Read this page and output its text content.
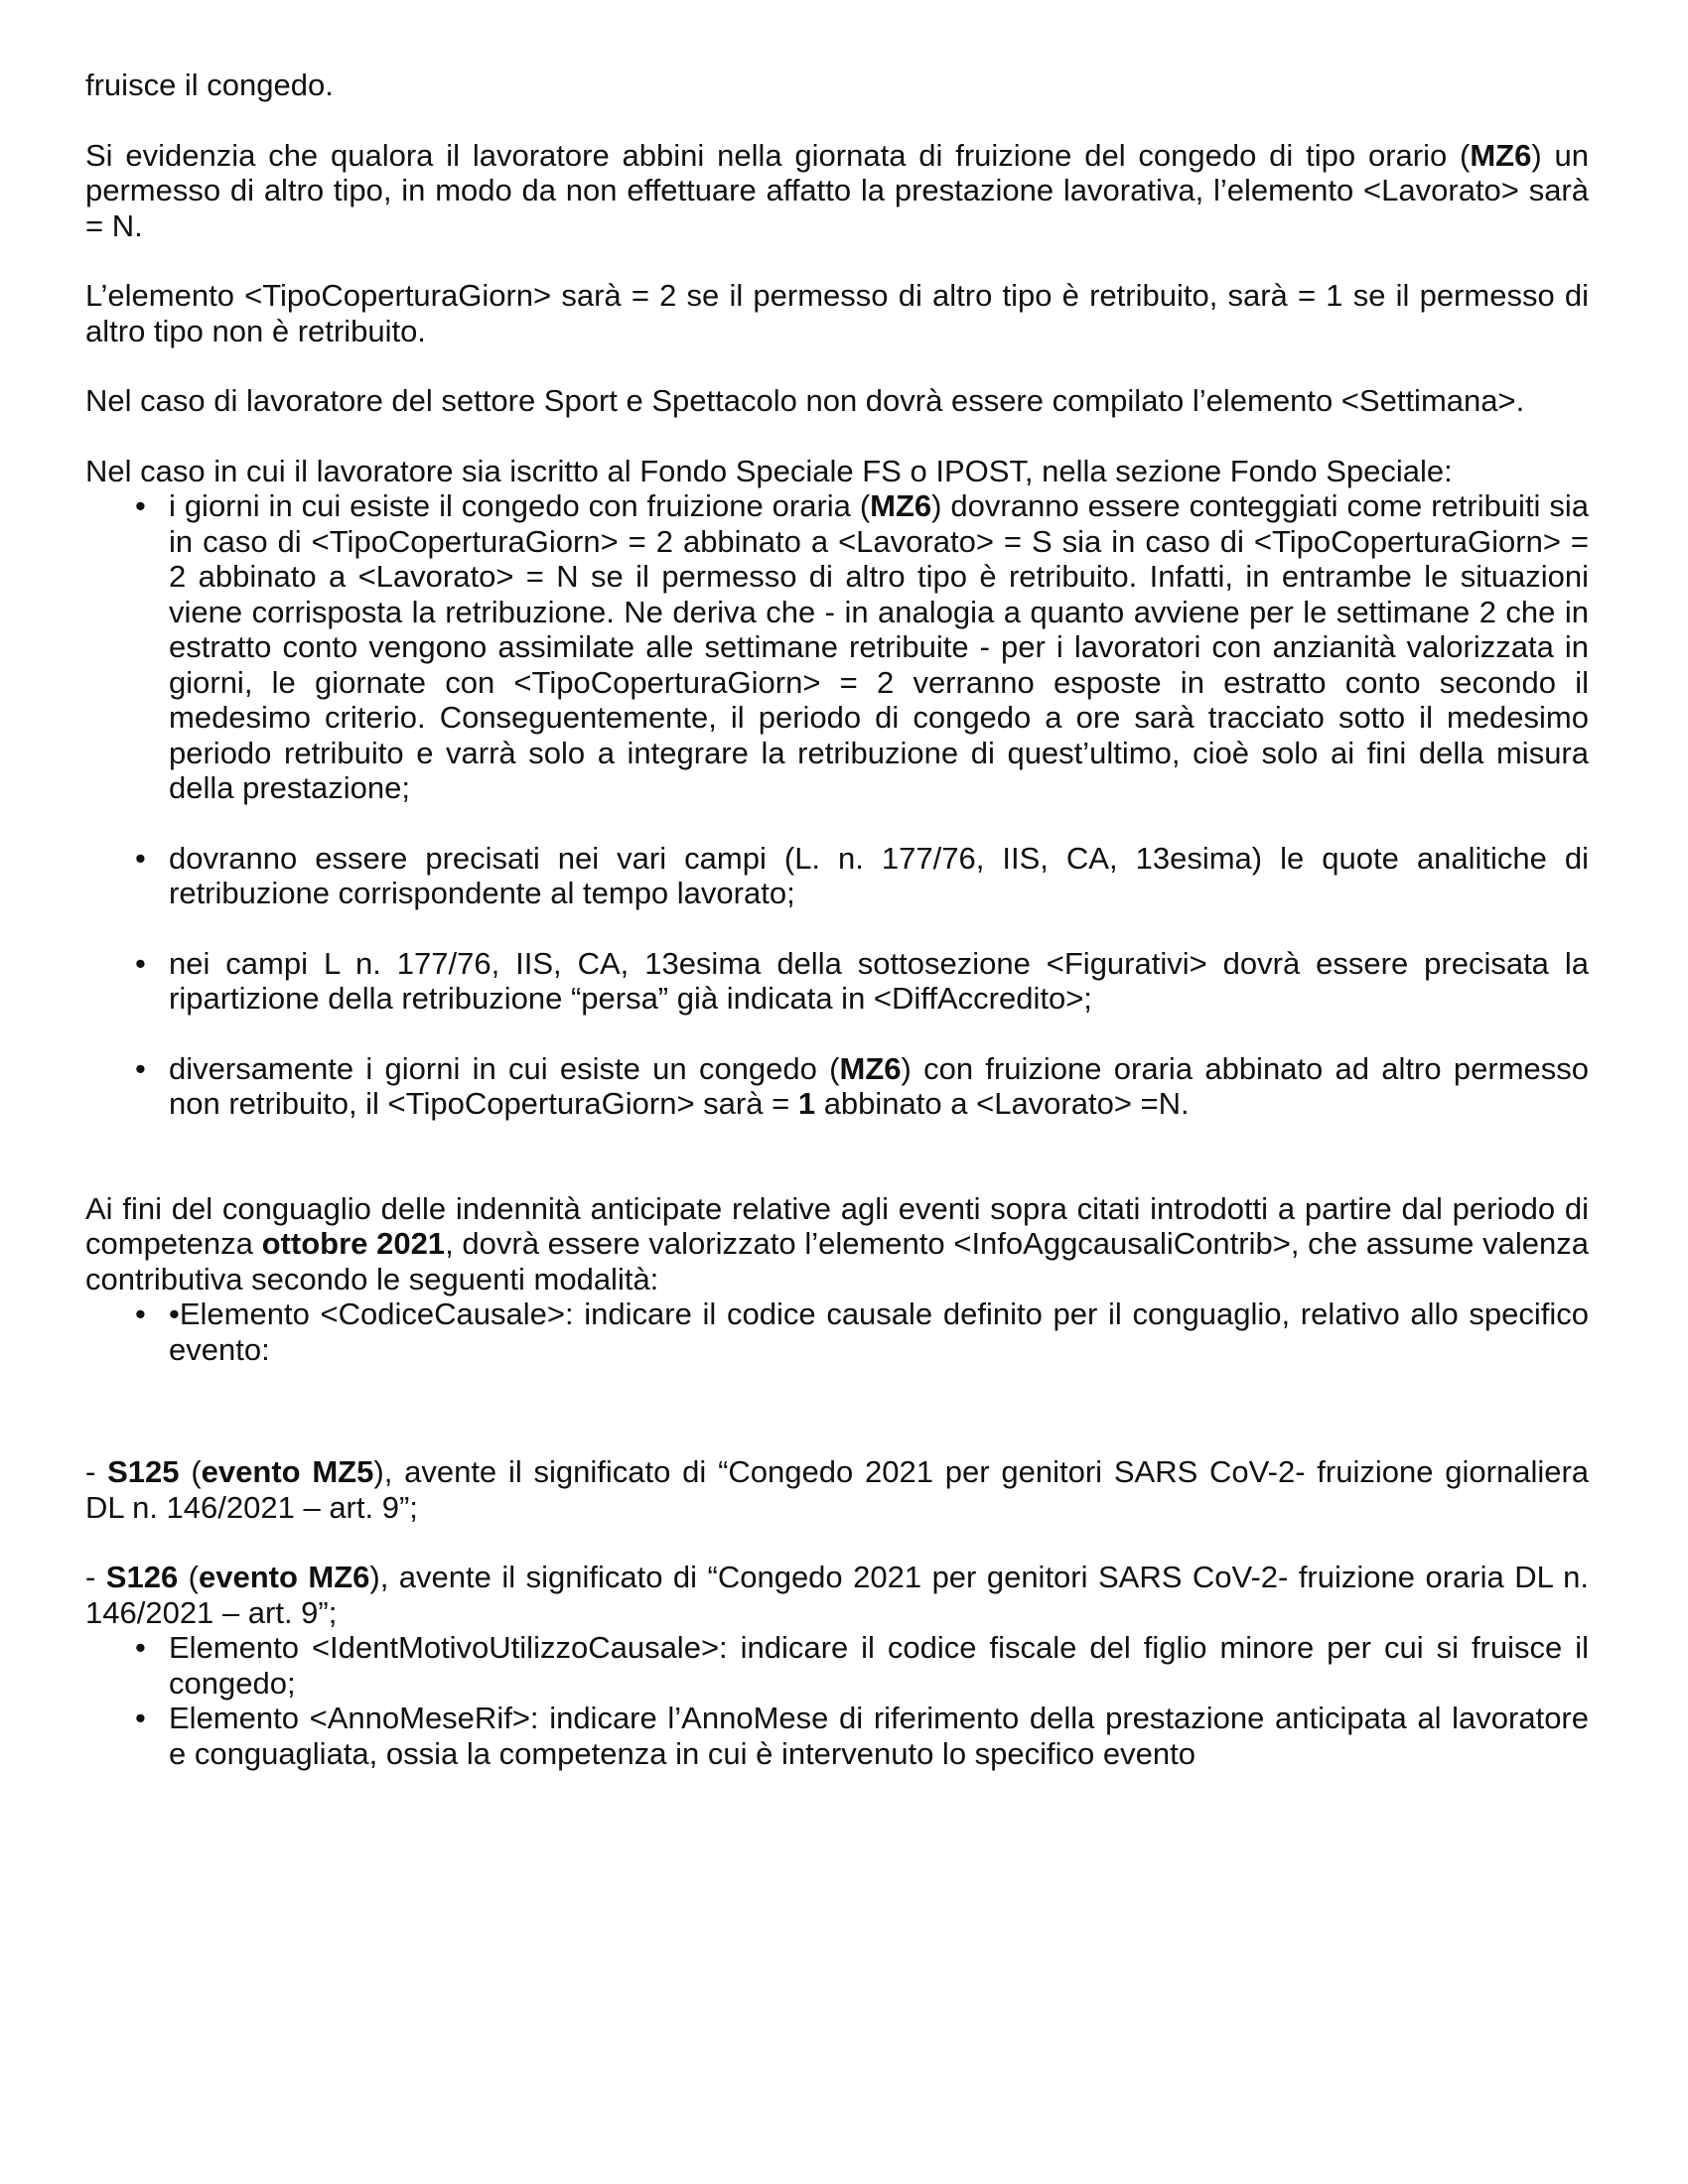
fruisce il congedo.

Si evidenzia che qualora il lavoratore abbini nella giornata di fruizione del congedo di tipo orario (MZ6) un permesso di altro tipo, in modo da non effettuare affatto la prestazione lavorativa, l’elemento <Lavorato> sarà = N.

L’elemento <TipoCoperturaGiorn> sarà = 2 se il permesso di altro tipo è retribuito, sarà = 1 se il permesso di altro tipo non è retribuito.

Nel caso di lavoratore del settore Sport e Spettacolo non dovrà essere compilato l’elemento <Settimana>.

Nel caso in cui il lavoratore sia iscritto al Fondo Speciale FS o IPOST, nella sezione Fondo Speciale:

• i giorni in cui esiste il congedo con fruizione oraria (MZ6) dovranno essere conteggiati come retribuiti sia in caso di <TipoCoperturaGiorn> = 2 abbinato a <Lavorato> = S sia in caso di <TipoCoperturaGiorn> = 2 abbinato a <Lavorato> = N se il permesso di altro tipo è retribuito. Infatti, in entrambe le situazioni viene corrisposta la retribuzione. Ne deriva che - in analogia a quanto avviene per le settimane 2 che in estratto conto vengono assimilate alle settimane retribuite - per i lavoratori con anzianità valorizzata in giorni, le giornate con <TipoCoperturaGiorn> = 2 verranno esposte in estratto conto secondo il medesimo criterio. Conseguentemente, il periodo di congedo a ore sarà tracciato sotto il medesimo periodo retribuito e varrà solo a integrare la retribuzione di quest’ultimo, cioè solo ai fini della misura della prestazione;
• dovranno essere precisati nei vari campi (L. n. 177/76, IIS, CA, 13esima) le quote analitiche di retribuzione corrispondente al tempo lavorato;
• nei campi L n. 177/76, IIS, CA, 13esima della sottosezione <Figurativi> dovrà essere precisata la ripartizione della retribuzione “persa” già indicata in <DiffAccredito>;
• diversamente i giorni in cui esiste un congedo (MZ6) con fruizione oraria abbinato ad altro permesso non retribuito, il <TipoCoperturaGiorn> sarà = 1 abbinato a <Lavorato> =N.

Ai fini del conguaglio delle indennità anticipate relative agli eventi sopra citati introdotti a partire dal periodo di competenza ottobre 2021, dovrà essere valorizzato l’elemento <InfoAggcausaliContrib>, che assume valenza contributiva secondo le seguenti modalità:

• •Elemento <CodiceCausale>: indicare il codice causale definito per il conguaglio, relativo allo specifico evento:

- S125 (evento MZ5), avente il significato di “Congedo 2021 per genitori SARS CoV-2- fruizione giornaliera DL n. 146/2021 – art. 9”;

- S126 (evento MZ6), avente il significato di “Congedo 2021 per genitori SARS CoV-2- fruizione oraria DL n. 146/2021 – art. 9”;

• Elemento <IdentMotivoUtilizzoCausale>: indicare il codice fiscale del figlio minore per cui si fruisce il congedo;
• Elemento <AnnoMeseRif>: indicare l’AnnoMese di riferimento della prestazione anticipata al lavoratore e conguagliata, ossia la competenza in cui è intervenuto lo specifico evento
